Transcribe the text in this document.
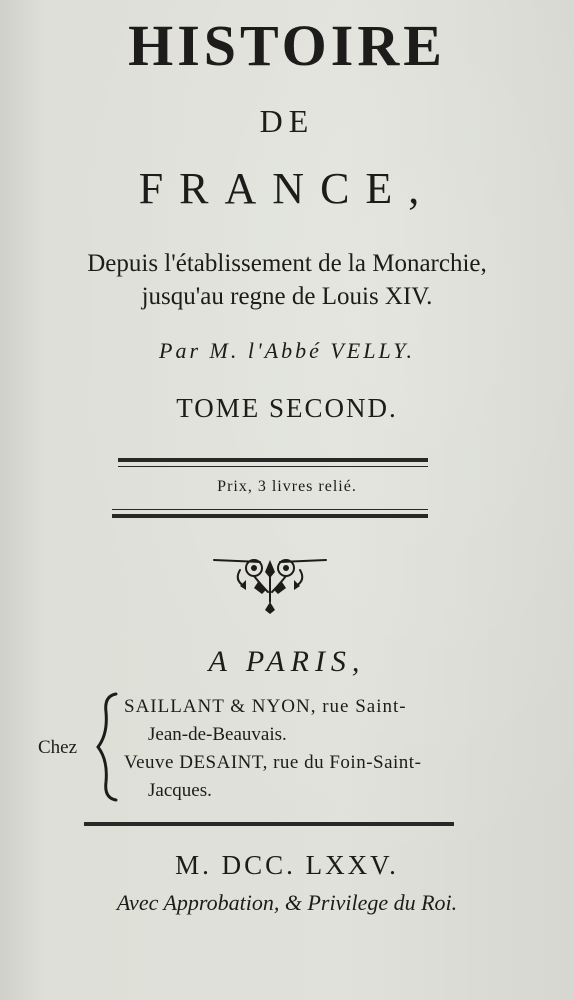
HISTOIRE
DE
FRANCE,
Depuis l'établissement de la Monarchie,
jusqu'au regne de Louis XIV.
Par M. l'Abbé VELLY.
TOME SECOND.
Prix, 3 livres relié.
A PARIS,
Chez
SAILLANT & NYON, rue Saint-
Jean-de-Beauvais.
Veuve DESAINT, rue du Foin-Saint-
Jacques.
M. DCC. LXXV.
Avec Approbation, & Privilege du Roi.
